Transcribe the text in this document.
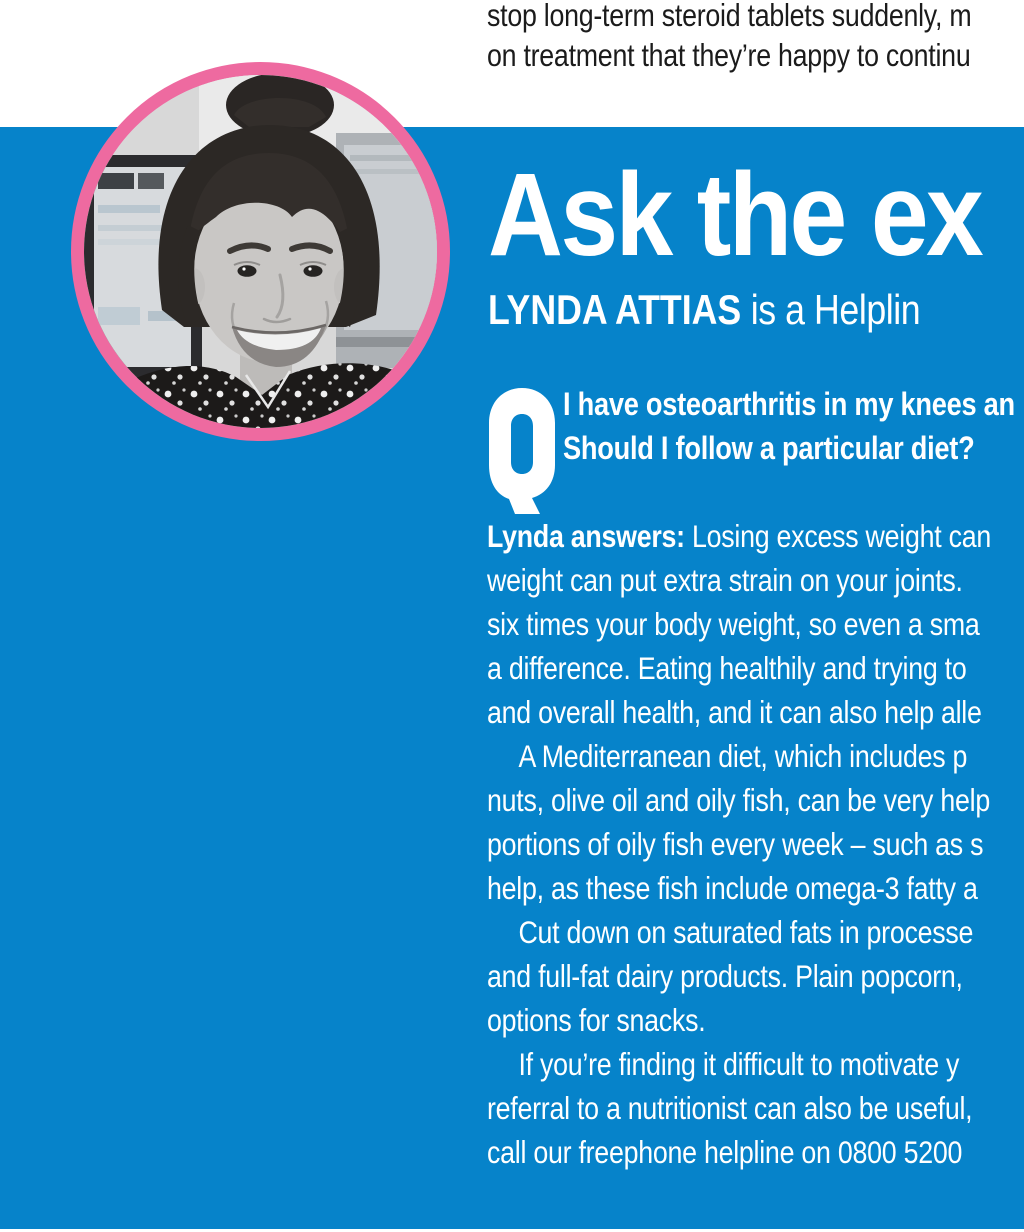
stop long-term steroid tablets suddenly, m
on treatment that they’re happy to continu
Ask the ex
LYNDA ATTIAS is a Helplin
I have osteoarthritis in my knees an
Should I follow a particular diet?
Lynda answers: Losing excess weight can
weight can put extra strain on your joints.
six times your body weight, so even a sma
a difference. Eating healthily and trying to
and overall health, and it can also help alle
A Mediterranean diet, which includes p
nuts, olive oil and oily fish, can be very help
portions of oily fish every week – such as s
help, as these fish include omega-3 fatty a
Cut down on saturated fats in processe
and full-fat dairy products. Plain popcorn,
options for snacks.
If you’re finding it difficult to motivate y
referral to a nutritionist can also be useful,
call our freephone helpline on 0800 5200
